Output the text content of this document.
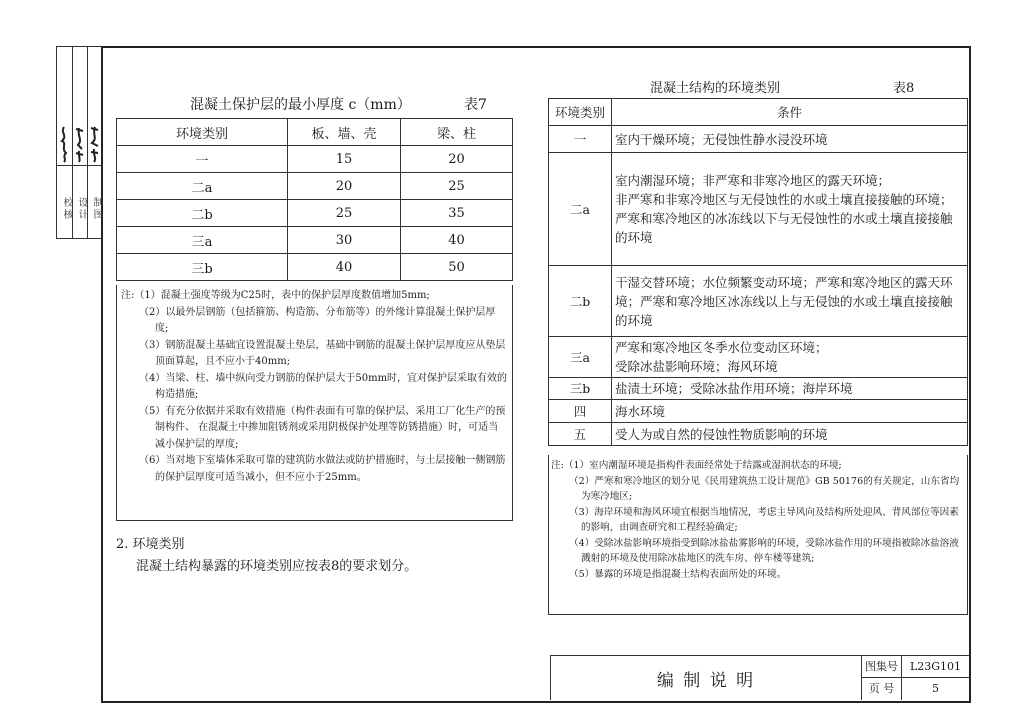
校核
设计
制图
混凝土保护层的最小厚度 c（mm）	表7
环境类别	板、墙、壳	梁、柱
一	15	20
二a	20	25
二b	25	35
三a	30	40
三b	40	50

注:（1）混凝土强度等级为C25时，表中的保护层厚度数值增加5mm;

（2）以最外层钢筋（包括箍筋、构造筋、分布筋等）的外缘计算混凝土保护层厚度;

（3）钢筋混凝土基础宜设置混凝土垫层，基础中钢筋的混凝土保护层厚度应从垫层顶面算起，且不应小于40mm;

（4）当梁、柱、墙中纵向受力钢筋的保护层大于50mm时，宜对保护层采取有效的构造措施;

（5）有充分依据并采取有效措施（构件表面有可靠的保护层、采用工厂化生产的预制构件、 在混凝土中掺加阻锈剂或采用阴极保护处理等防锈措施）时，可适当减小保护层的厚度;

（6）当对地下室墙体采取可靠的建筑防水做法或防护措施时，与土层接触一侧钢筋的保护层厚度可适当减小，但不应小于25mm。

2. 环境类别
混凝土结构暴露的环境类别应按表8的要求划分。
混凝土结构的环境类别	表8
环境类别	条件
一	室内干燥环境；无侵蚀性静水浸没环境
二a	室内潮湿环境；非严寒和非寒冷地区的露天环境；
非严寒和非寒冷地区与无侵蚀性的水或土壤直接接触的环境；
严寒和寒冷地区的冰冻线以下与无侵蚀性的水或土壤直接接触的环境

二b	干湿交替环境；水位频繁变动环境；严寒和寒冷地区的露天环境；严寒和寒冷地区冰冻线以上与无侵蚀的水或土壤直接接触的环境
三a	严寒和寒冷地区冬季水位变动区环境；
受除冰盐影响环境；海风环境

三b	盐渍土环境；受除冰盐作用环境；海岸环境
四	海水环境
五	受人为或自然的侵蚀性物质影响的环境

注:（1）室内潮湿环境是指构件表面经常处于结露或湿润状态的环境;

（2）严寒和寒冷地区的划分见《民用建筑热工设计规范》GB 50176的有关规定，山东省均为寒冷地区;

（3）海岸环境和海风环境宜根据当地情况，考虑主导风向及结构所处迎风、背风部位等因素的影响，由调查研究和工程经验确定;

（4）受除冰盐影响环境指受到除冰盐盐雾影响的环境，受除冰盐作用的环境指被除冰盐溶液溅射的环境及使用除冰盐地区的洗车房、停车楼等建筑;

（5）暴露的环境是指混凝土结构表面所处的环境。

编 制 说 明
图集号	L23G101
页 号	5
